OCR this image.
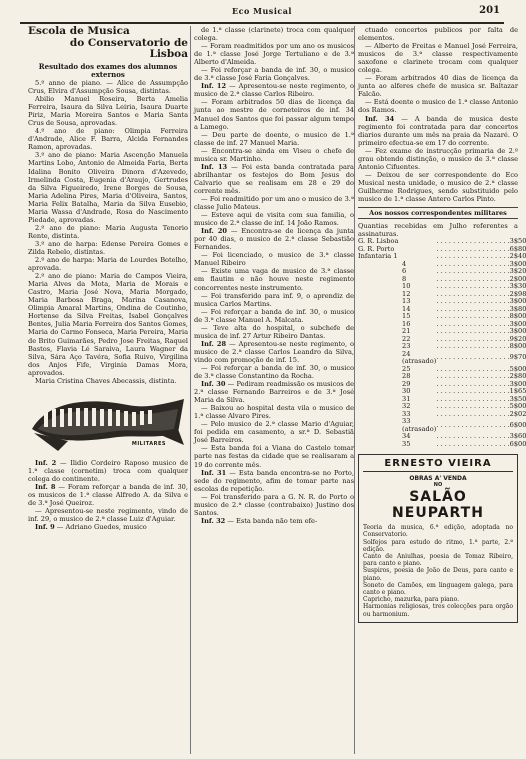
Eco Musical	201
Escola de Musica
do Conservatorio de Lisboa

Resultado dos exames dos alumnos externos

5.º anno de piano. — Alice de Assumpção Crus, Elvira d'Assumpção Sousa, distintas.

Abilio Manuel Roseira, Berta Amelia Ferreira, Isaura da Silva Leiria, Isaura Duarte Piriz, Maria Moreira Santos e Maria Santa Crus de Sousa, aprovadas.

4.º ano de piano: Olimpia Ferreira d'Andrade, Alice F. Barra, Alcida Fernandes Ramon, aprovadas.

3.º ano de piano: Maria Ascenção Manuela Martins Lobo, Antonio de Almeida Faria, Berta Idalina Bonito Oliveira Dinora d'Azevedo, Irmelinda Costa, Eugenia d'Araujo, Gertrudes da Silva Figueiredo, Irene Borges de Sousa, Maria Adelina Pires, Maria d'Oliveira, Santos, Maria Felix Batalha, Maria da Silva Eusebio, Maria Wassa d'Andrade, Rosa do Nascimento Piedade, aprovadas.

2.º ano de piano: Maria Augusta Tenorio Rente, distinta.

3.º ano de harpa: Edense Pereira Gomes e Zilda Rebelo, distintas.

2.º ano de harpa: Maria de Lourdes Botelho, aprovada.

2.º ano de piano: Maria de Campos Vieira, Maria Alves da Mota, Maria de Morais e Castro, Maria José Nova, Maria Morgado, Maria Barbosa Braga, Marina Casanova, Olimpia Amaral Martins, Ondina de Coutinho, Hortense da Silva Freitas, Isabel Gonçalves Bentes, Julia Maria Ferreira dos Santos Gomes, Maria do Carmo Fonseca, Maria Pereira, Maria de Brito Guimarães, Pedro Jose Freitas, Raquel Bastos, Flavia Lé Saraiva, Laura Wagner da Silva, Sára Aço Tavéra, Sofia Ruivo, Virgilina dos Anjos Fife, Virginia Damas Mora, aprovados.

Maria Cristina Chaves Abecassis, distinta.

MILITARES

Inf. 2 — Ilidio Cordeiro Raposo musico de 1.ª classe (cornetim) troca com qualquer colega do continente.

Inf. 8 — Foram reforçar a banda de inf. 30, os musicos de 1.ª classe Alfredo A. da Silva e de 3.ª José Queiroz.

— Apresentou-se neste regimento, vindo de inf. 29, o musico de 2.ª classe Luiz d'Aguiar.

Inf. 9 — Adriano Guedes, musico

de 1.ª classe (clarinete) troca com qualquer colega.

— Foram readmitidos por um ano os musicos de 1.ª classe José Jorge Tertuliano e de 3.ª Alberto d'Almeida.

— Foi reforçar a banda de inf. 30, o musico de 3.ª classe José Faria Gonçalves.

Inf. 12 — Apresentou-se neste regimento, o musico de 2.ª classe Carlos Ribeiro.

— Foram arbitrados 50 dias de licença da junta ao mestre de corneteiros de inf. 34 Manuel dos Santos que foi passar algum tempo a Lamego.

— Deu parte de doente, o musico de 1.ª classe de inf. 27 Manuel Maria.

— Encontra-se ainda em Viseu o chefe de musica sr. Martinho.

Inf. 13 — Foi esta banda contratada para abrilhantar os festejos do Bom Jesus do Calvario que se realisam em 28 e 29 do corrente mês.

— Foi readmitido por um ano o musico de 3.ª classe Julio Mateus.

— Esteve aqui de visita com sua familia, o musico de 2.ª classe de inf. 14 João Ramos.

Inf. 20 — Encontra-se de licença da junta por 40 dias, o musico de 2.ª classe Sebastião Fernandes.

— Foi licenciado, o musico de 3.ª classe Manuel Ribeiro

— Existe uma vaga de musico de 3.ª classe em flautim e não houve neste regimento concorrentes neste instrumento.

— Foi transferido para inf. 9, o aprendiz de musica Carlos Martins.

— Foi reforçar a banda de inf. 30, o musico de 3.ª classe Manuel A. Malcata.

— Teve alta do hospital, o subchefe de musica de inf. 27 Artur Ribeiro Dantas.

Inf. 28 — Apresentou-se neste regimento, o musico de 2.ª classe Carlos Leandro da Silva, vindo com promoção de inf. 15.

— Foi reforçar a banda de inf. 30, o musico de 3.ª classe Constantino da Rocha.

Inf. 30 — Pediram readmissão os musicos de 2.ª classe Fernando Barreiros e de 3.ª José Maria da Silva.

— Baixou ao hospital desta vila o musico de 1.ª classe Alvaro Pires.

— Pelo musico de 2.ª classe Mario d'Aguiar, foi pedida em casamento, a sr.ª D. Sebastiã José Barreiros.

— Esta banda foi a Viana do Castelo tomar parte nas festas da cidade que se realisaram a 19 do corrente mês.

Inf. 31 — Esta banda encontra-se no Porto, sede do regimento, afim de tomar parte nas escolas de repetição.

— Foi transferido para a G. N. R. do Porto o musico de 2.ª classe (contrabaixo) Justino dos Santos.

Inf. 32 — Esta banda não tem efe-

ctuado concertos publicos por falta de elementos.

— Alberto de Freitas e Manuel José Ferreira, musicos de 3.ª classe respectivamente saxofone e clarinete trocam com qualquer colega.

— Foram arbitrados 40 dias de licença da junta ao alferes chefe de musica sr. Baltazar Falcão.

— Está doente o musico de 1.ª classe Antonio dos Ramos.

Inf. 34 — A banda de musica deste regimento foi contratada para dar concertos diarios durante um mês na praia da Nazaré. O primeiro efectua-se em 17 do corrente.

— Fez exame de instrucção primaria de 2.º grau obtendo distinção, o musico de 3.ª classe Antonio Cifuentes.

— Deixou de ser correspondente do Eco Musical nesta unidade, o musico de 2.ª classe Guilherme Rodrigues, sendo substituido pelo musico de 1.ª classe Antero Carlos Pinto.

Aos nossos correspondentes militares

Quantias recebidas em Julho referentes a assinaturas.

G. R. Lisboa	. . . . . . . . . . . . . . . . . .	3$50
G. R. Porto	. . . . . . . . . . . . . . . . . .	6$80
Infantaria 1	. . . . . . . . . . . . . . . . . .	2$40
4	. . . . . . . . . . . . . . . . . .	3$00
6	. . . . . . . . . . . . . . . . . .	3$20
8	. . . . . . . . . . . . . . . . . .	2$00
10	. . . . . . . . . . . . . . . . . .	3$30
12	. . . . . . . . . . . . . . . . . .	2$98
13	. . . . . . . . . . . . . . . . . .	3$00
14	. . . . . . . . . . . . . . . . . .	3$80
15	. . . . . . . . . . . . . . . . . .	8$00
16	. . . . . . . . . . . . . . . . . .	3$00
21	. . . . . . . . . . . . . . . . . .	3$00
22	. . . . . . . . . . . . . . . . . .	9$20
23	. . . . . . . . . . . . . . . . . .	8$00
24 (atrasado)	. . . . . . . . . . . . . . . . . .	9$70
25	. . . . . . . . . . . . . . . . . .	5$00
28	. . . . . . . . . . . . . . . . . .	2$80
29	. . . . . . . . . . . . . . . . . .	3$00
30	. . . . . . . . . . . . . . . . . .	1$65
31	. . . . . . . . . . . . . . . . . .	3$50
32	. . . . . . . . . . . . . . . . . .	5$00
33	. . . . . . . . . . . . . . . . . .	2$02
33 (atrasado)	. . . . . . . . . . . . . . . . . .	6$00
34	. . . . . . . . . . . . . . . . . .	3$60
35	. . . . . . . . . . . . . . . . . .	6$00
ERNESTO VIEIRA
OBRAS A' VENDA
NO
SALÃO NEUPARTH

Teoria da musica, 6.ª edição, adoptada no Conservatorio.

Solfejos para estudo do ritmo, 1.ª parte, 2.ª edição.

Canto de Aniulhas, poesia de Tomaz Ribeiro, para canto e piano.

Suspiros, poesia de João de Deus, para canto e piano.

Soneto de Camões, em linguagem galega, para canto e piano.

Capricho, mazurka, para piano.

Harmonias religiosas, tres colecções para orgão ou harmonium.
